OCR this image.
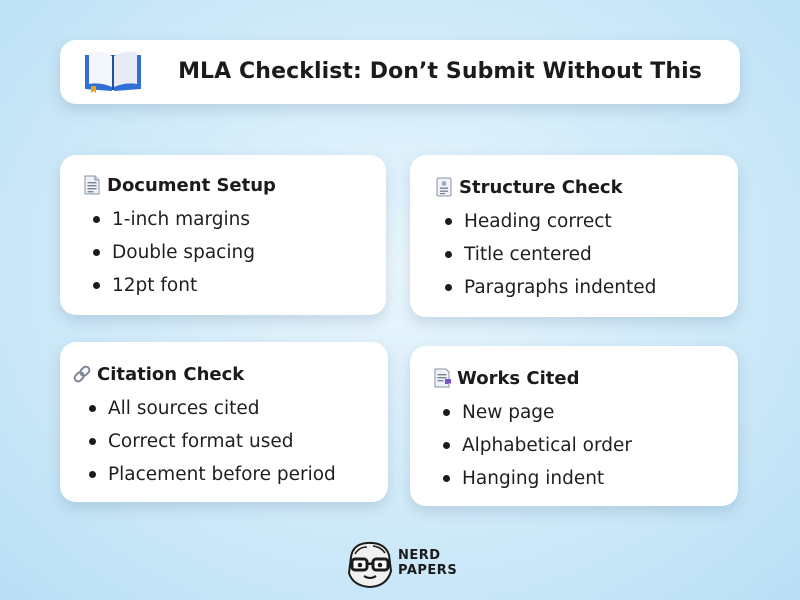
MLA Checklist: Don’t Submit Without This
Document Setup
1-inch margins
Double spacing
12pt font
Structure Check
Heading correct
Title centered
Paragraphs indented
Citation Check
All sources cited
Correct format used
Placement before period
Works Cited
New page
Alphabetical order
Hanging indent
NERD
PAPERS
